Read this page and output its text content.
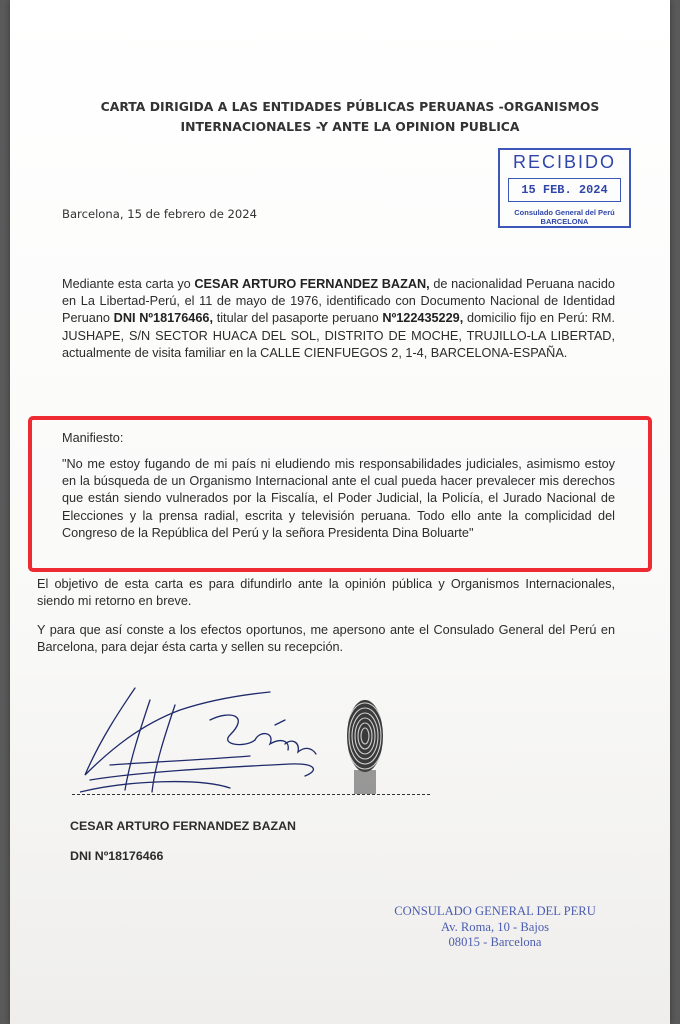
CARTA DIRIGIDA A LAS ENTIDADES PÚBLICAS PERUANAS -ORGANISMOS
INTERNACIONALES -Y ANTE LA OPINION PUBLICA
RECIBIDO
15 FEB. 2024
Consulado General del Perú
BARCELONA
Barcelona, 15 de febrero de 2024
Mediante esta carta yo CESAR ARTURO FERNANDEZ BAZAN, de nacionalidad Peruana nacido en La Libertad-Perú, el 11 de mayo de 1976, identificado con Documento Nacional de Identidad Peruano DNI Nº18176466, titular del pasaporte peruano Nº122435229, domicilio fijo en Perú: RM. JUSHAPE, S/N SECTOR HUACA DEL SOL, DISTRITO DE MOCHE, TRUJILLO-LA LIBERTAD, actualmente de visita familiar en la CALLE CIENFUEGOS 2, 1-4, BARCELONA-ESPAÑA.
Manifiesto:
"No me estoy fugando de mi país ni eludiendo mis responsabilidades judiciales, asimismo estoy en la búsqueda de un Organismo Internacional ante el cual pueda hacer prevalecer mis derechos que están siendo vulnerados por la Fiscalía, el Poder Judicial, la Policía, el Jurado Nacional de Elecciones y la prensa radial, escrita y televisión peruana. Todo ello ante la complicidad del Congreso de la República del Perú y la señora Presidenta Dina Boluarte"
El objetivo de esta carta es para difundirlo ante la opinión pública y Organismos Internacionales, siendo mi retorno en breve.
Y para que así conste a los efectos oportunos, me apersono ante el Consulado General del Perú en Barcelona, para dejar ésta carta y sellen su recepción.
CESAR ARTURO FERNANDEZ BAZAN
DNI Nº18176466
CONSULADO GENERAL DEL PERU
Av. Roma, 10 - Bajos
08015 - Barcelona
